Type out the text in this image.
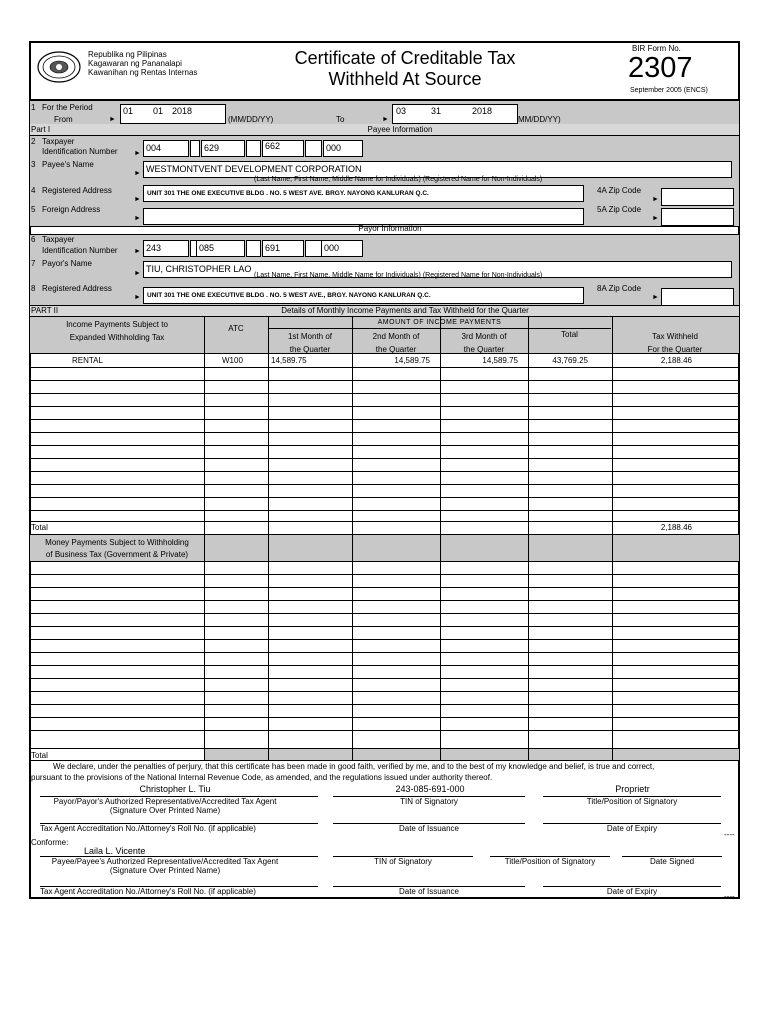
Republika ng Pilipinas
Kagawaran ng Pananalapi
Kawanihan ng Rentas Internas
Certificate of Creditable Tax
Withheld At Source
BIR Form No.
2307
September 2005 (ENCS)
1 For the Period
From	►
01 01 2018
(MM/DD/YY)	To	►
03	31	2018
MM/DD/YY)
Part I	Payee Information
2 Taxpayer
Identification Number ►
004	629	662	000
3 Payee's Name
► WESTMONTVENT DEVELOPMENT CORPORATION
(Last Name, First Name, Middle Name for Individuals) (Registered Name for Non-Individuals)
4 Registered Address
►
UNIT 301 THE ONE EXECUTIVE BLDG . NO. 5 WEST AVE. BRGY. NAYONG KANLURAN Q.C.	4A Zip Code
►
5 Foreign Address
►
5A Zip Code
►
Payor Information
6 Taxpayer
Identification Number ► 243	085	691	000
7 Payor's Name
► TIU, CHRISTOPHER LAO
(Last Name, First Name, Middle Name for Individuals) (Registered Name for Non-Individuals)
8 Registered Address
► UNIT 301 THE ONE EXECUTIVE BLDG . NO. 5 WEST AVE., BRGY. NAYONG KANLURAN Q.C.
8A Zip Code
►
PART II	Details of Monthly Income Payments and Tax Withheld for the Quarter
Income Payments Subject to
Expanded Withholding Tax
ATC
AMOUNT OF INCOME PAYMENTS
1st Month of
the Quarter
2nd Month of
the Quarter
3rd Month of
the Quarter
Total	Tax Withheld
For the Quarter
RENTAL	W100	14,589.75	14,589.75	14,589.75	43,769.25	2,188.46
Total	2,188.46
Money Payments Subject to Withholding
of Business Tax (Government & Private)
Total
We declare, under the penalties of perjury, that this certificate has been made in good faith, verified by me, and to the best of my knowledge and belief, is true and correct,
pursuant to the provisions of the National Internal Revenue Code, as amended, and the regulations issued under authority thereof.
Christopher L. Tiu	243-085-691-000	Proprietr
Payor/Payor's Authorized Representative/Accredited Tax Agent
(Signature Over Printed Name)
TIN of Signatory	Title/Position of Signatory
Tax Agent Accreditation No./Attorney's Roll No. (if applicable)	Date of Issuance	Date of Expiry
----
Conforme:
Laila L. Vicente
Payee/Payee's Authorized Representative/Accredited Tax Agent
(Signature Over Printed Name)
TIN of Signatory	Title/Position of Signatory	Date Signed
Tax Agent Accreditation No./Attorney's Roll No. (if applicable)	Date of Issuance	Date of Expiry
----
